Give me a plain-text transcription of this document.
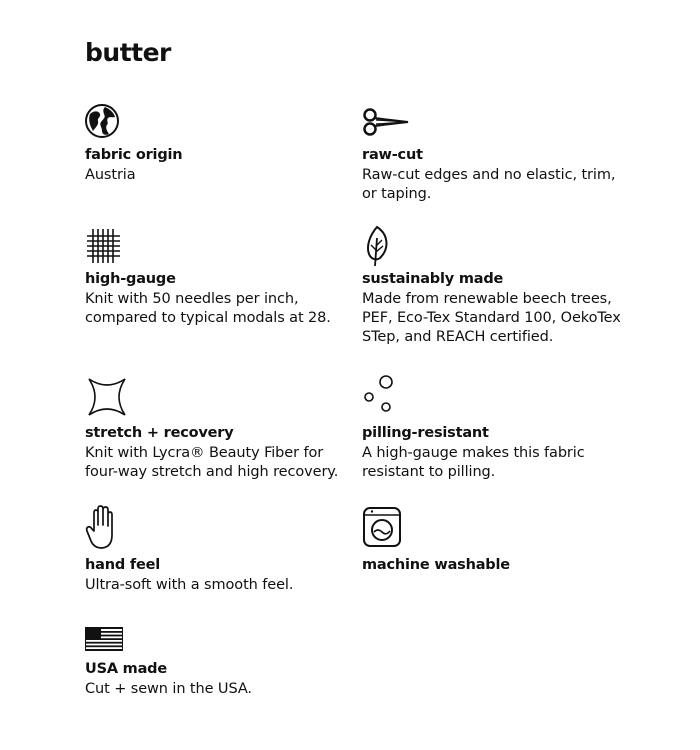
butter
fabric origin
Austria
raw-cut
Raw-cut edges and no elastic, trim,
or taping.
high-gauge
Knit with 50 needles per inch,
compared to typical modals at 28.
sustainably made
Made from renewable beech trees,
PEF, Eco-Tex Standard 100, OekoTex
STep, and REACH certified.
stretch + recovery
Knit with Lycra® Beauty Fiber for
four-way stretch and high recovery.
pilling-resistant
A high-gauge makes this fabric
resistant to pilling.
hand feel
Ultra-soft with a smooth feel.
machine washable
USA made
Cut + sewn in the USA.
